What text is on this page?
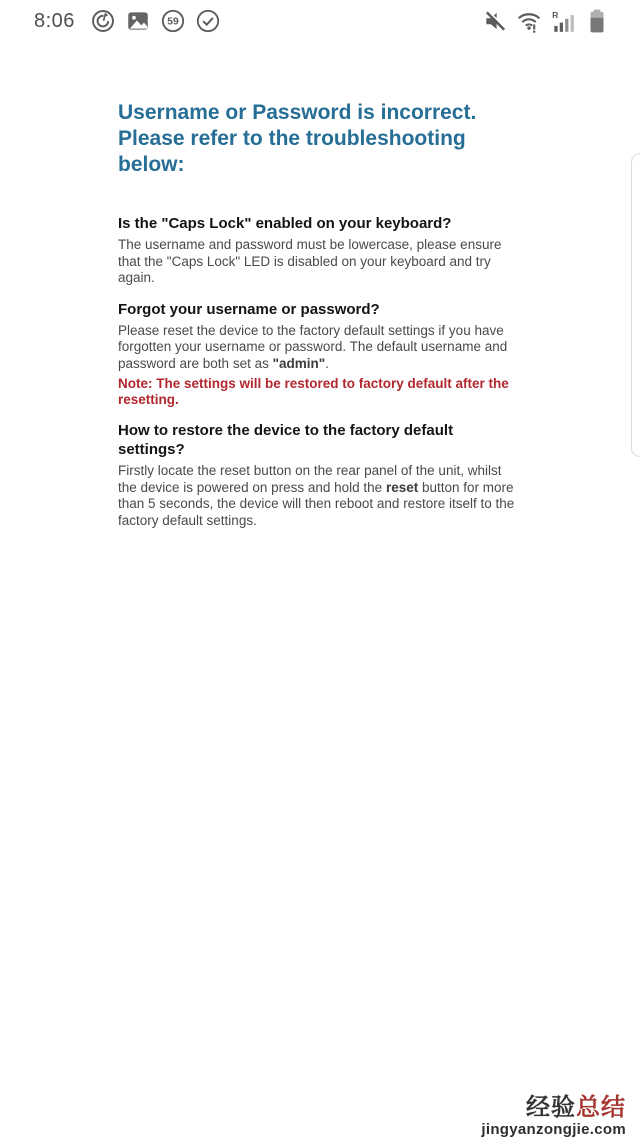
8:06	59
R
Username or Password is incorrect.
Please refer to the troubleshooting below:
Is the "Caps Lock" enabled on your keyboard?

The username and password must be lowercase, please ensure that the "Caps Lock" LED is disabled on your keyboard and try again.

Forgot your username or password?

Please reset the device to the factory default settings if you have forgotten your username or password. The default username and password are both set as "admin".

Note: The settings will be restored to factory default after the resetting.
How to restore the device to the factory default settings?

Firstly locate the reset button on the rear panel of the unit, whilst the device is powered on press and hold the reset button for more than 5 seconds, the device will then reboot and restore itself to the factory default settings.

经验总结
jingyanzongjie.com
